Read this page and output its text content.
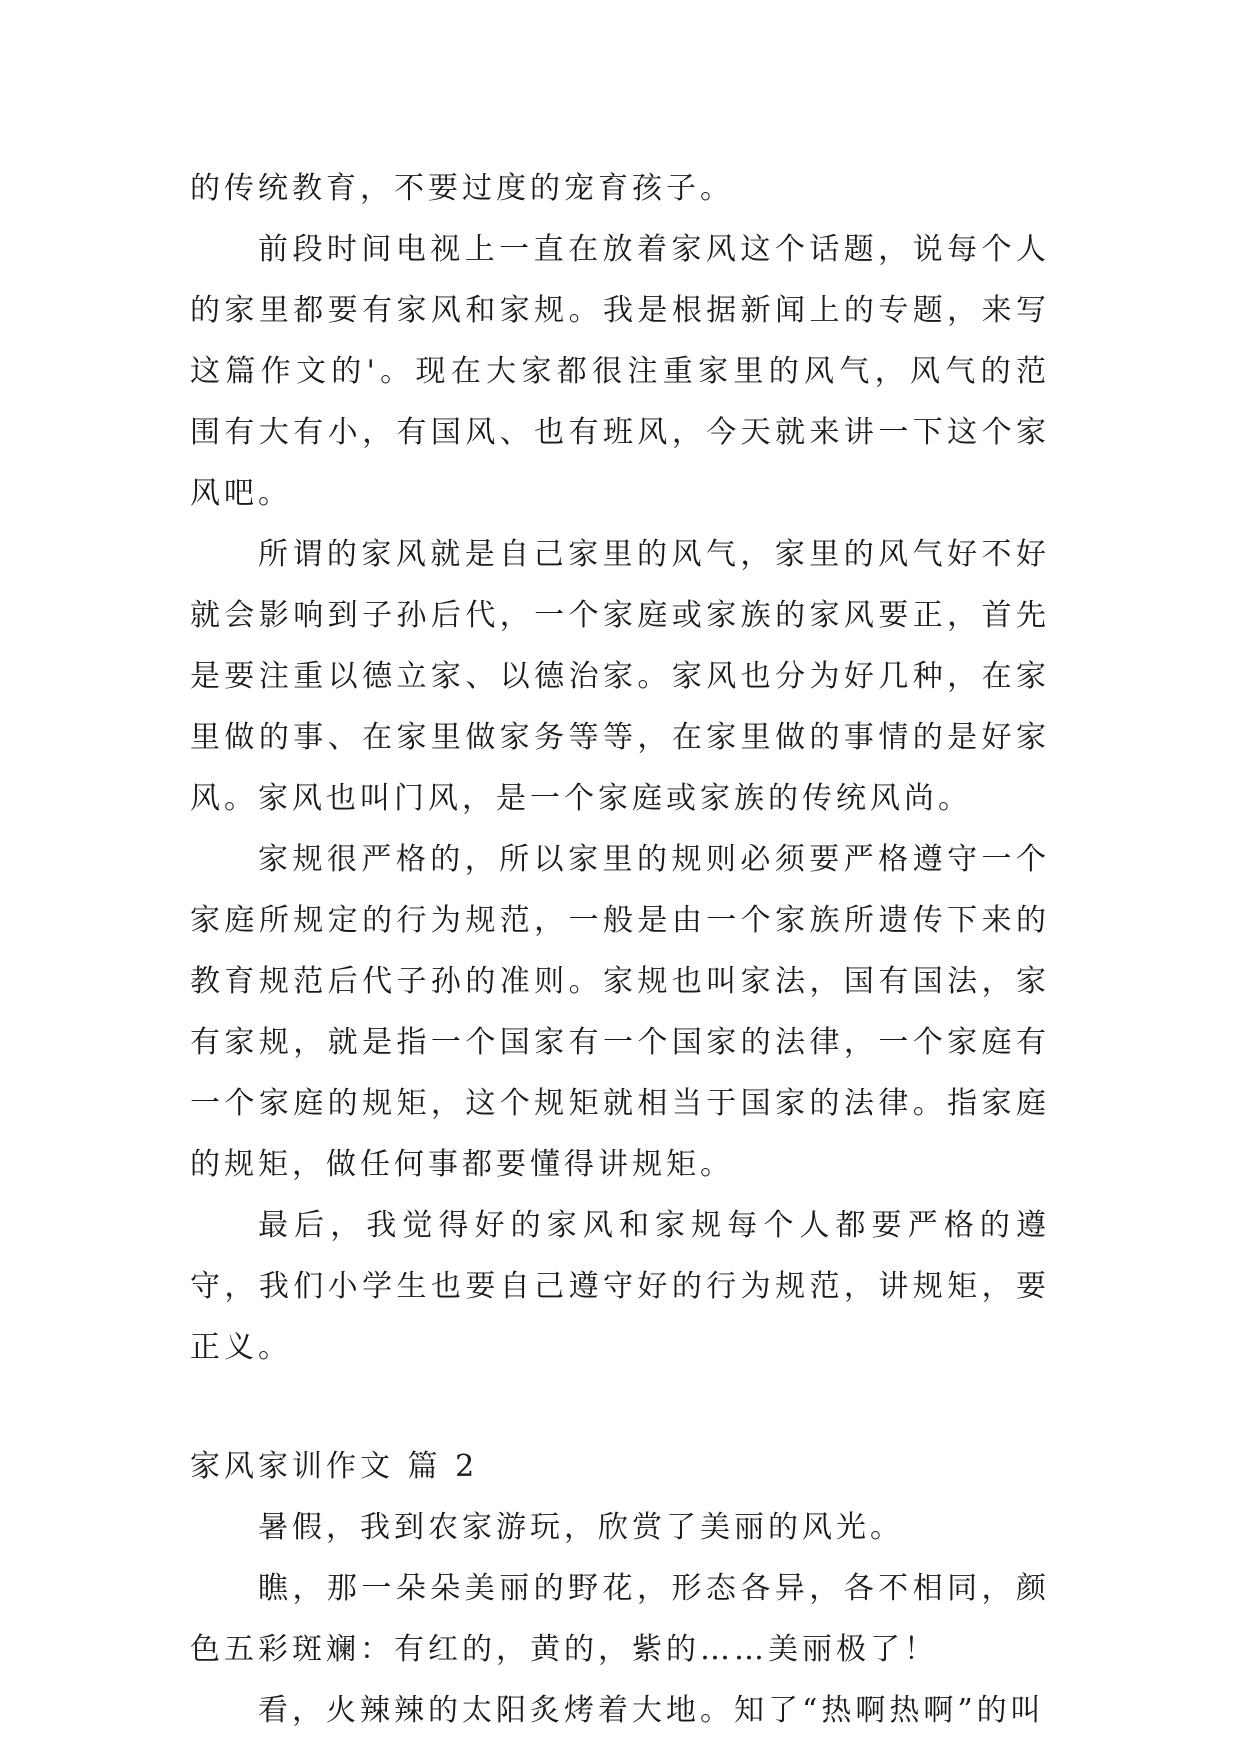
的传统教育，不要过度的宠育孩子。

前段时间电视上一直在放着家风这个话题，说每个人的家里都要有家风和家规。我是根据新闻上的专题，来写这篇作文的'。现在大家都很注重家里的风气，风气的范围有大有小，有国风、也有班风，今天就来讲一下这个家风吧。

所谓的家风就是自己家里的风气，家里的风气好不好就会影响到子孙后代，一个家庭或家族的家风要正，首先是要注重以德立家、以德治家。家风也分为好几种，在家里做的事、在家里做家务等等，在家里做的事情的是好家风。家风也叫门风，是一个家庭或家族的传统风尚。

家规很严格的，所以家里的规则必须要严格遵守一个家庭所规定的行为规范，一般是由一个家族所遗传下来的教育规范后代子孙的准则。家规也叫家法，国有国法，家有家规，就是指一个国家有一个国家的法律，一个家庭有一个家庭的规矩，这个规矩就相当于国家的法律。指家庭的规矩，做任何事都要懂得讲规矩。

最后，我觉得好的家风和家规每个人都要严格的遵守，我们小学生也要自己遵守好的行为规范，讲规矩，要正义。

家风家训作文 篇 2

暑假，我到农家游玩，欣赏了美丽的风光。

瞧，那一朵朵美丽的野花，形态各异，各不相同，颜色五彩斑斓：有红的，黄的，紫的……美丽极了！

看，火辣辣的太阳炙烤着大地。知了“热啊热啊”的叫
